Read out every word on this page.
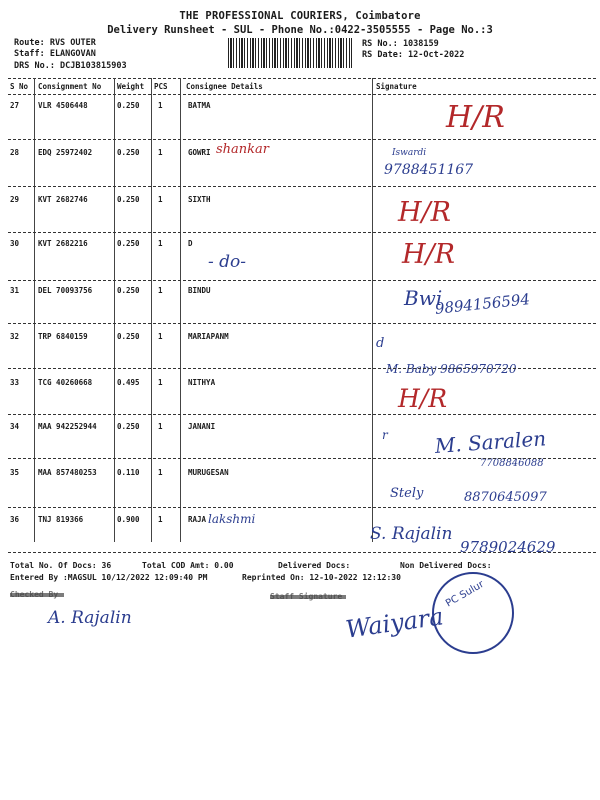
THE PROFESSIONAL COURIERS, Coimbatore
Delivery Runsheet - SUL - Phone No.:0422-3505555 - Page No.:3
Route: RVS OUTER
Staff: ELANGOVAN
DRS No.: DCJB103815903
RS No.: 1038159
RS Date: 12-Oct-2022
S No Consignment No Weight PCS Consignee Details	Signature
27	VLR 4506448	0.250 1	BATMA	H/R
28	EDQ 25972402	0.250 1	GOWRI shankar	Iswardi
9788451167
29	KVT 2682746	0.250 1	SIXTH	H/R
30	KVT 2682216	0.250 1	D
- do-	H/R
31	DEL 70093756	0.250 1	BINDU	Bwi
9894156594
32	TRP 6840159	0.250 1	MARIAPANM	d
M. Baby 9865970720
33	TCG 40260668	0.495 1	NITHYA
H/R
34	MAA 942252944	0.250 1	JANANI
r M. Saralen
7708846088
35	MAA 857480253	0.110 1	MURUGESAN
Stely	8870645097
36	TNJ 819366	0.900 1	RAJA lakshmi
S. Rajalin
9789024629
Total No. Of Docs: 36	Total COD Amt: 0.00	Delivered Docs:	Non Delivered Docs:
Entered By :MAGSUL 10/12/2022 12:09:40 PM	Reprinted On: 12-10-2022 12:12:30
A. Rajalin	Waiyara
PC Sulur
